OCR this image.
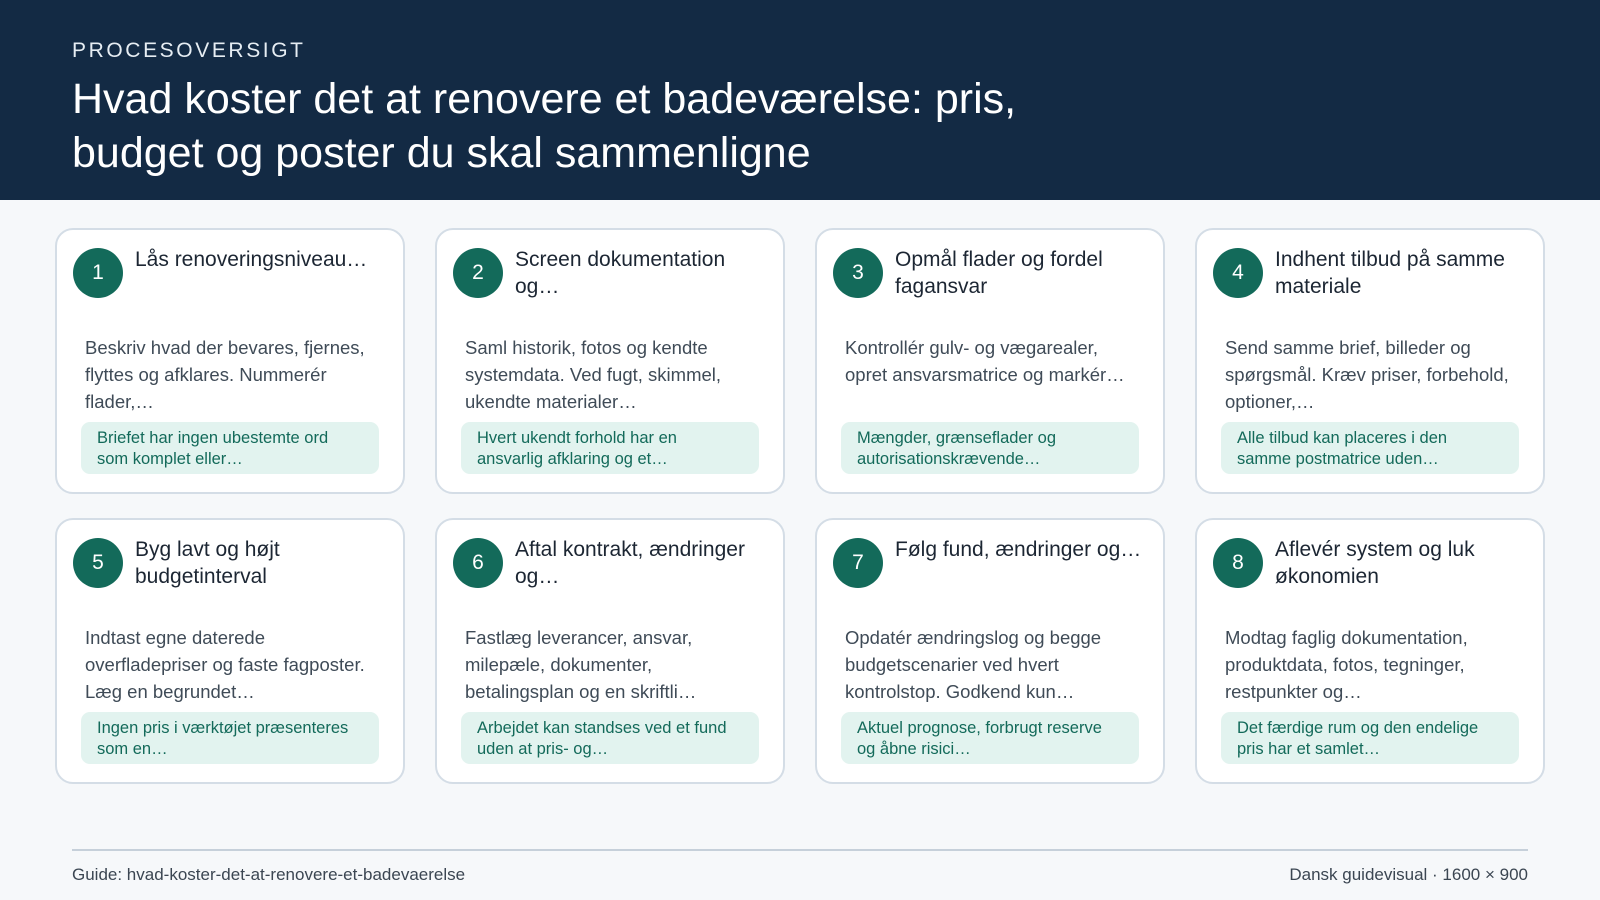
PROCESOVERSIGT
Hvad koster det at renovere et badeværelse: pris, budget og poster du skal sammenligne
1
Lås renoveringsniveau…
Beskriv hvad der bevares, fjernes, flyttes og afklares. Nummerér flader,…
Briefet har ingen ubestemte ord som komplet eller…
2
Screen dokumentation og…
Saml historik, fotos og kendte systemdata. Ved fugt, skimmel, ukendte materialer…
Hvert ukendt forhold har en ansvarlig afklaring og et…
3
Opmål flader og fordel fagansvar
Kontrollér gulv- og vægarealer, opret ansvarsmatrice og markér…
Mængder, grænseflader og autorisationskrævende…
4
Indhent tilbud på samme materiale
Send samme brief, billeder og spørgsmål. Kræv priser, forbehold, optioner,…
Alle tilbud kan placeres i den samme postmatrice uden…
5
Byg lavt og højt budgetinterval
Indtast egne daterede overfladepriser og faste fagposter. Læg en begrundet…
Ingen pris i værktøjet præsenteres som en…
6
Aftal kontrakt, ændringer og…
Fastlæg leverancer, ansvar, milepæle, dokumenter, betalingsplan og en skriftli…
Arbejdet kan standses ved et fund uden at pris- og…
7
Følg fund, ændringer og…
Opdatér ændringslog og begge budgetscenarier ved hvert kontrolstop. Godkend kun…
Aktuel prognose, forbrugt reserve og åbne risici…
8
Aflevér system og luk økonomien
Modtag faglig dokumentation, produktdata, fotos, tegninger, restpunkter og…
Det færdige rum og den endelige pris har et samlet…
Guide: hvad-koster-det-at-renovere-et-badevaerelse	Dansk guidevisual · 1600 × 900
